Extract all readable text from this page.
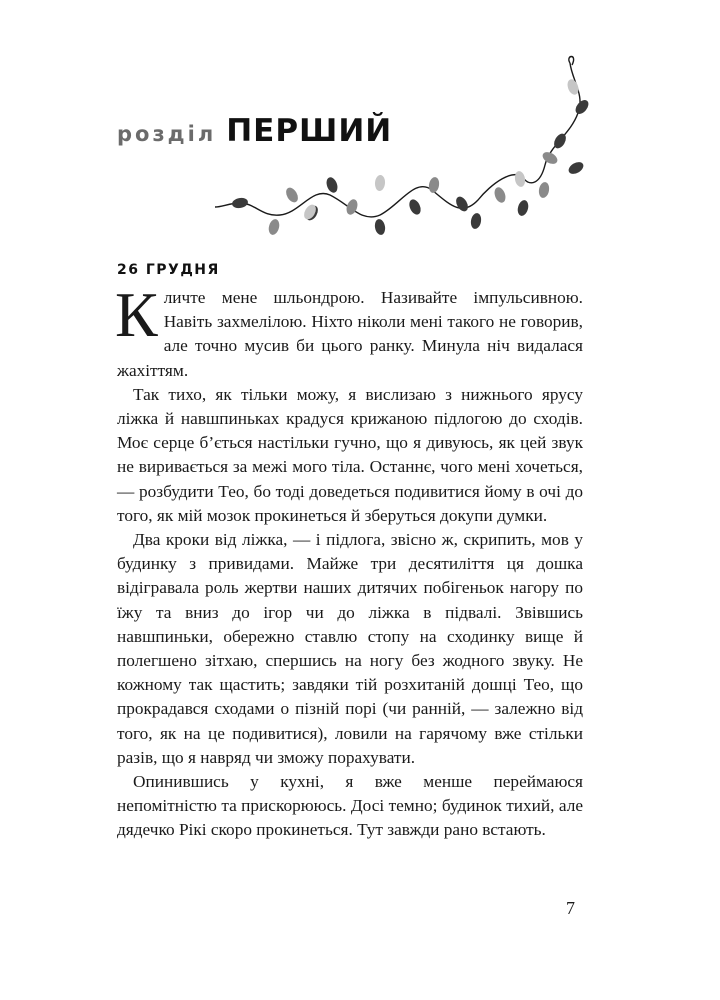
розділ ПЕРШИЙ
26 ГРУДНЯ

Кличте мене шльондрою. Називайте імпульсивною. Навіть захмелілою. Ніхто ніколи мені такого не говорив, але точно мусив би цього ранку. Минула ніч видалася жахіттям.

Так тихо, як тільки можу, я вислизаю з нижнього ярусу ліжка й навшпиньках крадуся крижаною підлогою до сходів. Моє серце б’ється настільки гучно, що я дивуюсь, як цей звук не виривається за межі мого тіла. Останнє, чого мені хочеться, — розбудити Тео, бо тоді доведеться подивитися йому в очі до того, як мій мозок прокинеться й зберуться докупи думки.

Два кроки від ліжка, — і підлога, звісно ж, скрипить, мов у будинку з привидами. Майже три десятиліття ця дошка відігравала роль жертви наших дитячих побігеньок нагору по їжу та вниз до ігор чи до ліжка в підвалі. Звівшись навшпиньки, обережно ставлю стопу на сходинку вище й полегшено зітхаю, спершись на ногу без жодного звуку. Не кожному так щастить; завдяки тій розхитаній дошці Тео, що прокрадався сходами о пізній порі (чи ранній, — залежно від того, як на це подивитися), ловили на гарячому вже стільки разів, що я навряд чи зможу порахувати.

Опинившись у кухні, я вже менше переймаюся непомітністю та прискорююсь. Досі темно; будинок тихий, але дядечко Рікі скоро прокинеться. Тут завжди рано встають.

7
